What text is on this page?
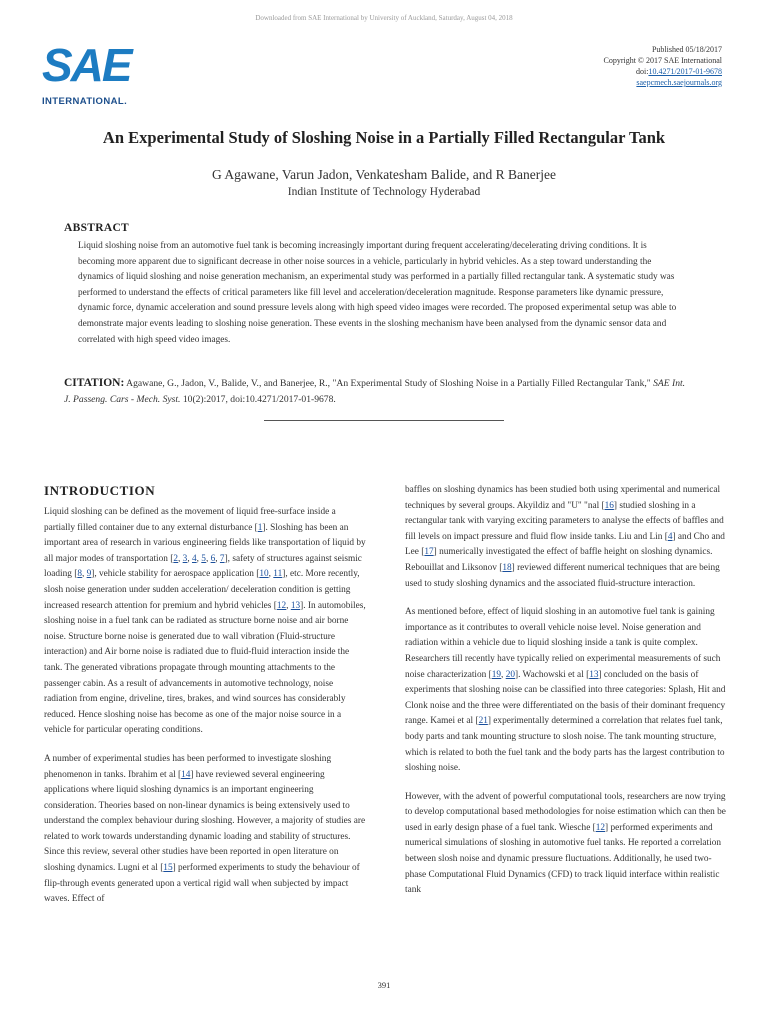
Downloaded from SAE International by University of Auckland, Saturday, August 04, 2018
SAE
INTERNATIONAL.
Published 05/18/2017
Copyright © 2017 SAE International
doi:10.4271/2017-01-9678
saepcmech.saejournals.org
An Experimental Study of Sloshing Noise in a Partially Filled Rectangular Tank
G Agawane, Varun Jadon, Venkatesham Balide, and R Banerjee
Indian Institute of Technology Hyderabad
ABSTRACT
Liquid sloshing noise from an automotive fuel tank is becoming increasingly important during frequent accelerating/decelerating driving conditions. It is becoming more apparent due to significant decrease in other noise sources in a vehicle, particularly in hybrid vehicles. As a step toward understanding the dynamics of liquid sloshing and noise generation mechanism, an experimental study was performed in a partially filled rectangular tank. A systematic study was performed to understand the effects of critical parameters like fill level and acceleration/deceleration magnitude. Response parameters like dynamic pressure, dynamic force, dynamic acceleration and sound pressure levels along with high speed video images were recorded. The proposed experimental setup was able to demonstrate major events leading to sloshing noise generation. These events in the sloshing mechanism have been analysed from the dynamic sensor data and correlated with high speed video images.
CITATION: Agawane, G., Jadon, V., Balide, V., and Banerjee, R., "An Experimental Study of Sloshing Noise in a Partially Filled Rectangular Tank," SAE Int. J. Passeng. Cars - Mech. Syst. 10(2):2017, doi:10.4271/2017-01-9678.
INTRODUCTION

Liquid sloshing can be defined as the movement of liquid free-surface inside a partially filled container due to any external disturbance [1]. Sloshing has been an important area of research in various engineering fields like transportation of liquid by all major modes of transportation [2, 3, 4, 5, 6, 7], safety of structures against seismic loading [8, 9], vehicle stability for aerospace application [10, 11], etc. More recently, slosh noise generation under sudden acceleration/ deceleration condition is getting increased research attention for premium and hybrid vehicles [12, 13]. In automobiles, sloshing noise in a fuel tank can be radiated as structure borne noise and air borne noise. Structure borne noise is generated due to wall vibration (Fluid-structure interaction) and Air borne noise is radiated due to fluid-fluid interaction inside the tank. The generated vibrations propagate through mounting attachments to the passenger cabin. As a result of advancements in automotive technology, noise radiation from engine, driveline, tires, brakes, and wind sources has considerably reduced. Hence sloshing noise has become as one of the major noise source in a vehicle for particular operating conditions.

A number of experimental studies has been performed to investigate sloshing phenomenon in tanks. Ibrahim et al [14] have reviewed several engineering applications where liquid sloshing dynamics is an important engineering consideration. Theories based on non-linear dynamics is being extensively used to understand the complex behaviour during sloshing. However, a majority of studies are related to work towards understanding dynamic loading and stability of structures. Since this review, several other studies have been reported in open literature on sloshing dynamics. Lugni et al [15] performed experiments to study the behaviour of flip-through events generated upon a vertical rigid wall when subjected by impact waves. Effect of

baffles on sloshing dynamics has been studied both using xperimental and numerical techniques by several groups. Akyildiz and "U" "nal [16] studied sloshing in a rectangular tank with varying exciting parameters to analyse the effects of baffles and fill levels on impact pressure and fluid flow inside tanks. Liu and Lin [4] and Cho and Lee [17] numerically investigated the effect of baffle height on sloshing dynamics. Rebouillat and Liksonov [18] reviewed different numerical techniques that are being used to study sloshing dynamics and the associated fluid-structure interaction.

As mentioned before, effect of liquid sloshing in an automotive fuel tank is gaining importance as it contributes to overall vehicle noise level. Noise generation and radiation within a vehicle due to liquid sloshing inside a tank is quite complex. Researchers till recently have typically relied on experimental measurements of such noise characterization [19, 20]. Wachowski et al [13] concluded on the basis of experiments that sloshing noise can be classified into three categories: Splash, Hit and Clonk noise and the three were differentiated on the basis of their dominant frequency range. Kamei et al [21] experimentally determined a correlation that relates fuel tank, body parts and tank mounting structure to slosh noise. The tank mounting structure, which is related to both the fuel tank and the body parts has the largest contribution to sloshing noise.

However, with the advent of powerful computational tools, researchers are now trying to develop computational based methodologies for noise estimation which can then be used in early design phase of a fuel tank. Wiesche [12] performed experiments and numerical simulations of sloshing in automotive fuel tanks. He reported a correlation between slosh noise and dynamic pressure fluctuations. Additionally, he used two-phase Computational Fluid Dynamics (CFD) to track liquid interface within realistic tank

391
